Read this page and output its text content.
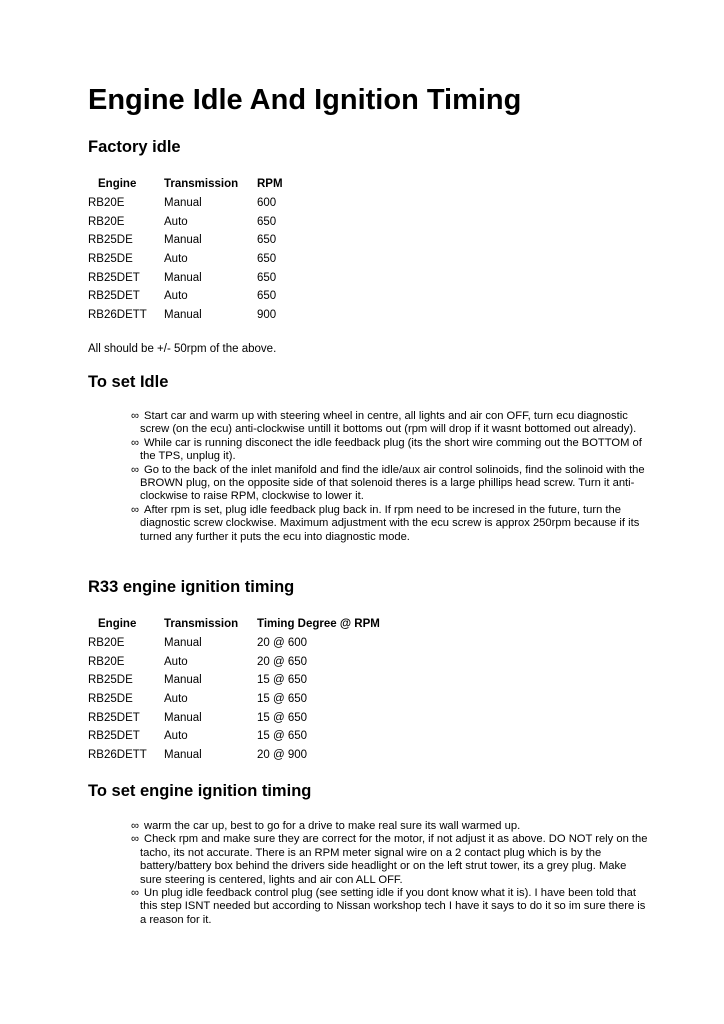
Engine Idle And Ignition Timing
Factory idle
Engine	Transmission	RPM
RB20E	Manual	600
RB20E	Auto	650
RB25DE	Manual	650
RB25DE	Auto	650
RB25DET	Manual	650
RB25DET	Auto	650
RB26DETT	Manual	900

All should be +/- 50rpm of the above.

To set Idle
∞ Start car and warm up with steering wheel in centre, all lights and air con OFF, turn ecu diagnostic screw (on the ecu) anti-clockwise untill it bottoms out (rpm will drop if it wasnt bottomed out already).
∞ While car is running disconect the idle feedback plug (its the short wire comming out the BOTTOM of the TPS, unplug it).
∞ Go to the back of the inlet manifold and find the idle/aux air control solinoids, find the solinoid with the BROWN plug, on the opposite side of that solenoid theres is a large phillips head screw. Turn it anti-clockwise to raise RPM, clockwise to lower it.
∞ After rpm is set, plug idle feedback plug back in. If rpm need to be incresed in the future, turn the diagnostic screw clockwise. Maximum adjustment with the ecu screw is approx 250rpm because if its turned any further it puts the ecu into diagnostic mode.
R33 engine ignition timing
Engine	Transmission	Timing Degree @ RPM
RB20E	Manual	20 @ 600
RB20E	Auto	20 @ 650
RB25DE	Manual	15 @ 650
RB25DE	Auto	15 @ 650
RB25DET	Manual	15 @ 650
RB25DET	Auto	15 @ 650
RB26DETT	Manual	20 @ 900
To set engine ignition timing
∞ warm the car up, best to go for a drive to make real sure its wall warmed up.
∞ Check rpm and make sure they are correct for the motor, if not adjust it as above. DO NOT rely on the tacho, its not accurate. There is an RPM meter signal wire on a 2 contact plug which is by the battery/battery box behind the drivers side headlight or on the left strut tower, its a grey plug. Make sure steering is centered, lights and air con ALL OFF.
∞ Un plug idle feedback control plug (see setting idle if you dont know what it is). I have been told that this step ISNT needed but according to Nissan workshop tech I have it says to do it so im sure there is a reason for it.
